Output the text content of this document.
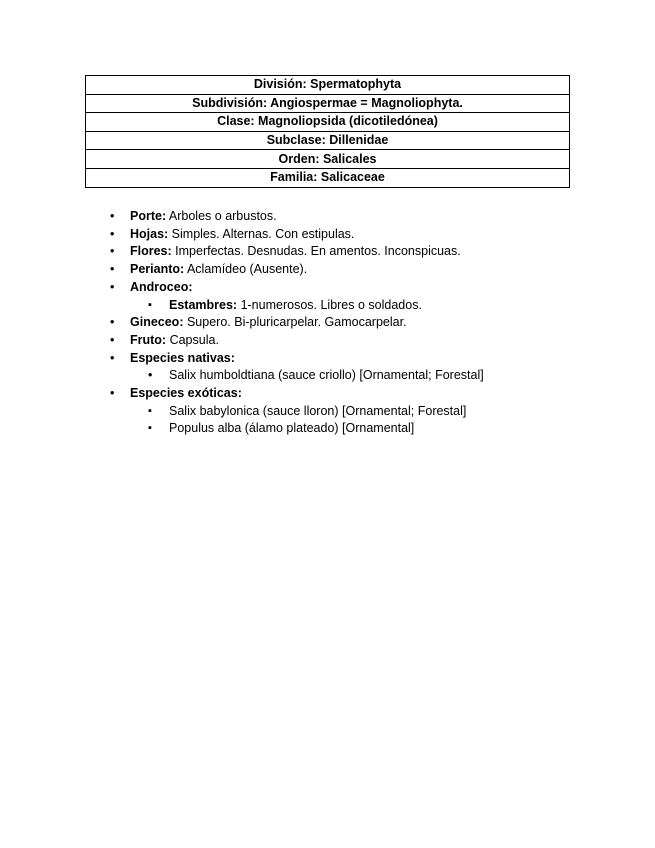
División: Spermatophyta
Subdivisión: Angiospermae = Magnoliophyta.
Clase: Magnoliopsida (dicotiledónea)
Subclase: Dillenidae
Orden: Salicales
Familia: Salicaceae
• Porte: Arboles o arbustos.
• Hojas: Simples. Alternas. Con estipulas.
• Flores: Imperfectas. Desnudas. En amentos. Inconspicuas.
• Perianto: Aclamídeo (Ausente).
• Androceo:
▪ Estambres: 1-numerosos. Libres o soldados.
• Gineceo: Supero. Bi-pluricarpelar. Gamocarpelar.
• Fruto: Capsula.
• Especies nativas:
• Salix humboldtiana (sauce criollo) [Ornamental; Forestal]
• Especies exóticas:
▪ Salix babylonica (sauce lloron) [Ornamental; Forestal]
▪ Populus alba (álamo plateado) [Ornamental]
